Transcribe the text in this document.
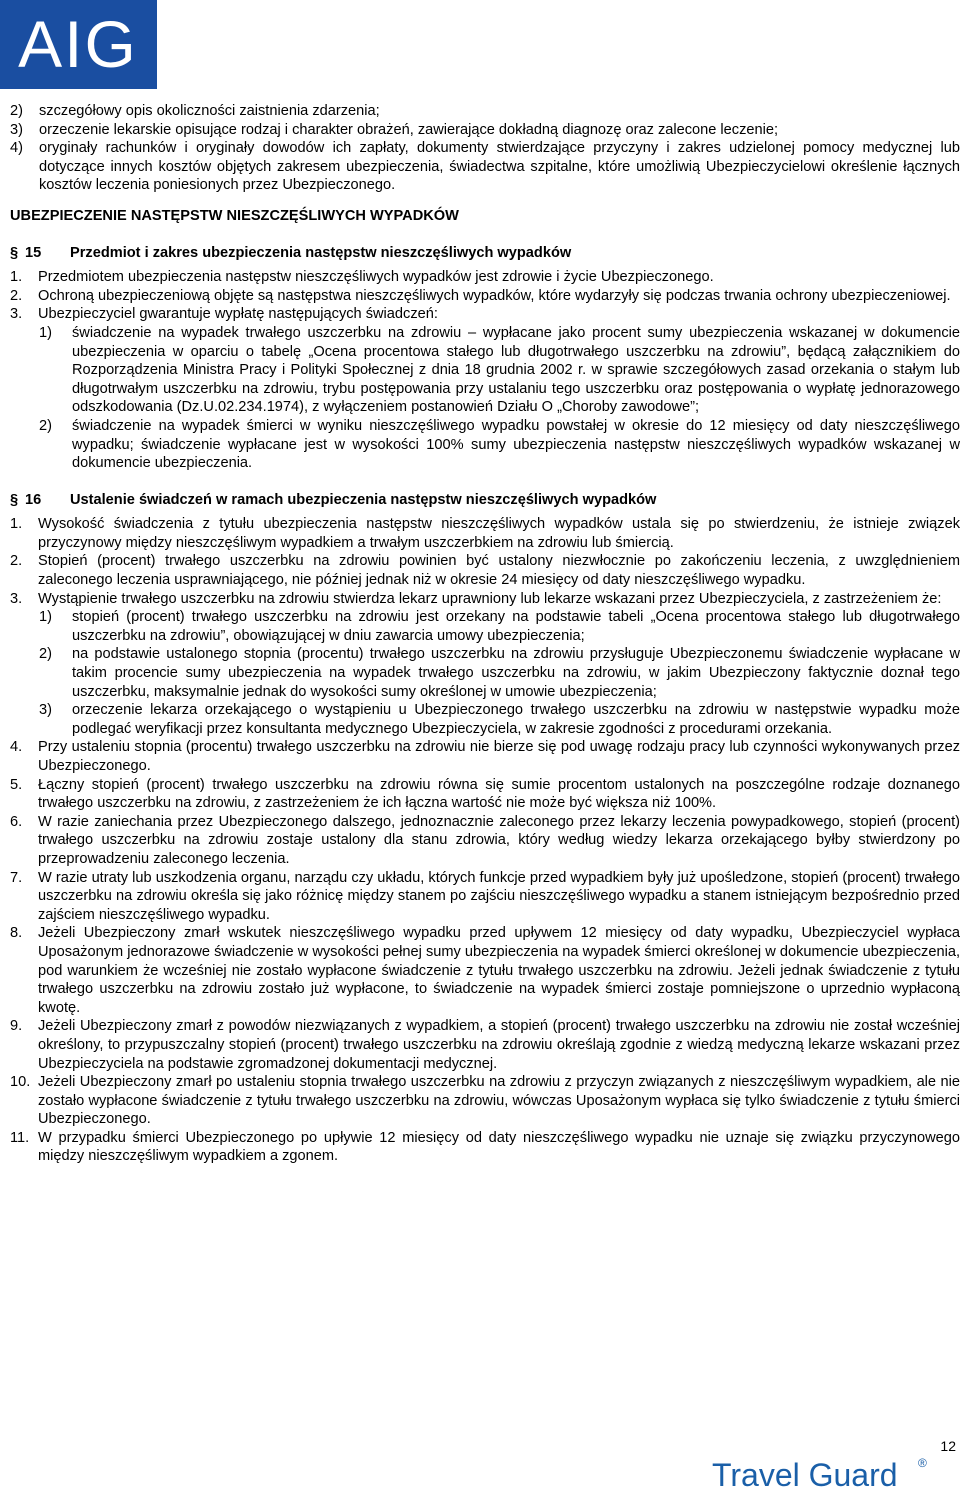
AIG
2)	szczegółowy opis okoliczności zaistnienia zdarzenia;
3)	orzeczenie lekarskie opisujące rodzaj i charakter obrażeń, zawierające dokładną diagnozę oraz zalecone leczenie;
4)	oryginały rachunków i oryginały dowodów ich zapłaty, dokumenty stwierdzające przyczyny i zakres udzielonej pomocy medycznej lub dotyczące innych kosztów objętych zakresem ubezpieczenia, świadectwa szpitalne, które umożliwią Ubezpieczycielowi określenie łącznych kosztów leczenia poniesionych przez Ubezpieczonego.
UBEZPIECZENIE NASTĘPSTW NIESZCZĘŚLIWYCH WYPADKÓW
§ 15	Przedmiot i zakres ubezpieczenia następstw nieszczęśliwych wypadków
1.	Przedmiotem ubezpieczenia następstw nieszczęśliwych wypadków jest zdrowie i życie Ubezpieczonego.
2.	Ochroną ubezpieczeniową objęte są następstwa nieszczęśliwych wypadków, które wydarzyły się podczas trwania ochrony ubezpieczeniowej.
3.	Ubezpieczyciel gwarantuje wypłatę następujących świadczeń:
1)	świadczenie na wypadek trwałego uszczerbku na zdrowiu – wypłacane jako procent sumy ubezpieczenia wskazanej w dokumencie ubezpieczenia w oparciu o tabelę „Ocena procentowa stałego lub długotrwałego uszczerbku na zdrowiu”, będącą załącznikiem do Rozporządzenia Ministra Pracy i Polityki Społecznej z dnia 18 grudnia 2002 r. w sprawie szczegółowych zasad orzekania o stałym lub długotrwałym uszczerbku na zdrowiu, trybu postępowania przy ustalaniu tego uszczerbku oraz postępowania o wypłatę jednorazowego odszkodowania (Dz.U.02.234.1974), z wyłączeniem postanowień Działu O „Choroby zawodowe”;
2)	świadczenie na wypadek śmierci w wyniku nieszczęśliwego wypadku powstałej w okresie do 12 miesięcy od daty nieszczęśliwego wypadku; świadczenie wypłacane jest w wysokości 100% sumy ubezpieczenia następstw nieszczęśliwych wypadków wskazanej w dokumencie ubezpieczenia.
§ 16	Ustalenie świadczeń w ramach ubezpieczenia następstw nieszczęśliwych wypadków
1.	Wysokość świadczenia z tytułu ubezpieczenia następstw nieszczęśliwych wypadków ustala się po stwierdzeniu, że istnieje związek przyczynowy między nieszczęśliwym wypadkiem a trwałym uszczerbkiem na zdrowiu lub śmiercią.
2.	Stopień (procent) trwałego uszczerbku na zdrowiu powinien być ustalony niezwłocznie po zakończeniu leczenia, z uwzględnieniem zaleconego leczenia usprawniającego, nie później jednak niż w okresie 24 miesięcy od daty nieszczęśliwego wypadku.
3.	Wystąpienie trwałego uszczerbku na zdrowiu stwierdza lekarz uprawniony lub lekarze wskazani przez Ubezpieczyciela, z zastrzeżeniem że:
1)	stopień (procent) trwałego uszczerbku na zdrowiu jest orzekany na podstawie tabeli „Ocena procentowa stałego lub długotrwałego uszczerbku na zdrowiu”, obowiązującej w dniu zawarcia umowy ubezpieczenia;
2)	na podstawie ustalonego stopnia (procentu) trwałego uszczerbku na zdrowiu przysługuje Ubezpieczonemu świadczenie wypłacane w takim procencie sumy ubezpieczenia na wypadek trwałego uszczerbku na zdrowiu, w jakim Ubezpieczony faktycznie doznał tego uszczerbku, maksymalnie jednak do wysokości sumy określonej w umowie ubezpieczenia;
3)	orzeczenie lekarza orzekającego o wystąpieniu u Ubezpieczonego trwałego uszczerbku na zdrowiu w następstwie wypadku może podlegać weryfikacji przez konsultanta medycznego Ubezpieczyciela, w zakresie zgodności z procedurami orzekania.
4.	Przy ustaleniu stopnia (procentu) trwałego uszczerbku na zdrowiu nie bierze się pod uwagę rodzaju pracy lub czynności wykonywanych przez Ubezpieczonego.
5.	Łączny stopień (procent) trwałego uszczerbku na zdrowiu równa się sumie procentom ustalonych na poszczególne rodzaje doznanego trwałego uszczerbku na zdrowiu, z zastrzeżeniem że ich łączna wartość nie może być większa niż 100%.
6.	W razie zaniechania przez Ubezpieczonego dalszego, jednoznacznie zaleconego przez lekarzy leczenia powypadkowego, stopień (procent) trwałego uszczerbku na zdrowiu zostaje ustalony dla stanu zdrowia, który według wiedzy lekarza orzekającego byłby stwierdzony po przeprowadzeniu zaleconego leczenia.
7.	W razie utraty lub uszkodzenia organu, narządu czy układu, których funkcje przed wypadkiem były już upośledzone, stopień (procent) trwałego uszczerbku na zdrowiu określa się jako różnicę między stanem po zajściu nieszczęśliwego wypadku a stanem istniejącym bezpośrednio przed zajściem nieszczęśliwego wypadku.
8.	Jeżeli Ubezpieczony zmarł wskutek nieszczęśliwego wypadku przed upływem 12 miesięcy od daty wypadku, Ubezpieczyciel wypłaca Uposażonym jednorazowe świadczenie w wysokości pełnej sumy ubezpieczenia na wypadek śmierci określonej w dokumencie ubezpieczenia, pod warunkiem że wcześniej nie zostało wypłacone świadczenie z tytułu trwałego uszczerbku na zdrowiu. Jeżeli jednak świadczenie z tytułu trwałego uszczerbku na zdrowiu zostało już wypłacone, to świadczenie na wypadek śmierci zostaje pomniejszone o uprzednio wypłaconą kwotę.
9.	Jeżeli Ubezpieczony zmarł z powodów niezwiązanych z wypadkiem, a stopień (procent) trwałego uszczerbku na zdrowiu nie został wcześniej określony, to przypuszczalny stopień (procent) trwałego uszczerbku na zdrowiu określają zgodnie z wiedzą medyczną lekarze wskazani przez Ubezpieczyciela na podstawie zgromadzonej dokumentacji medycznej.
10. Jeżeli Ubezpieczony zmarł po ustaleniu stopnia trwałego uszczerbku na zdrowiu z przyczyn związanych z nieszczęśliwym wypadkiem, ale nie zostało wypłacone świadczenie z tytułu trwałego uszczerbku na zdrowiu, wówczas Uposażonym wypłaca się tylko świadczenie z tytułu śmierci Ubezpieczonego.
11. W przypadku śmierci Ubezpieczonego po upływie 12 miesięcy od daty nieszczęśliwego wypadku nie uznaje się związku przyczynowego między nieszczęśliwym wypadkiem a zgonem.
12
Travel Guard ®
